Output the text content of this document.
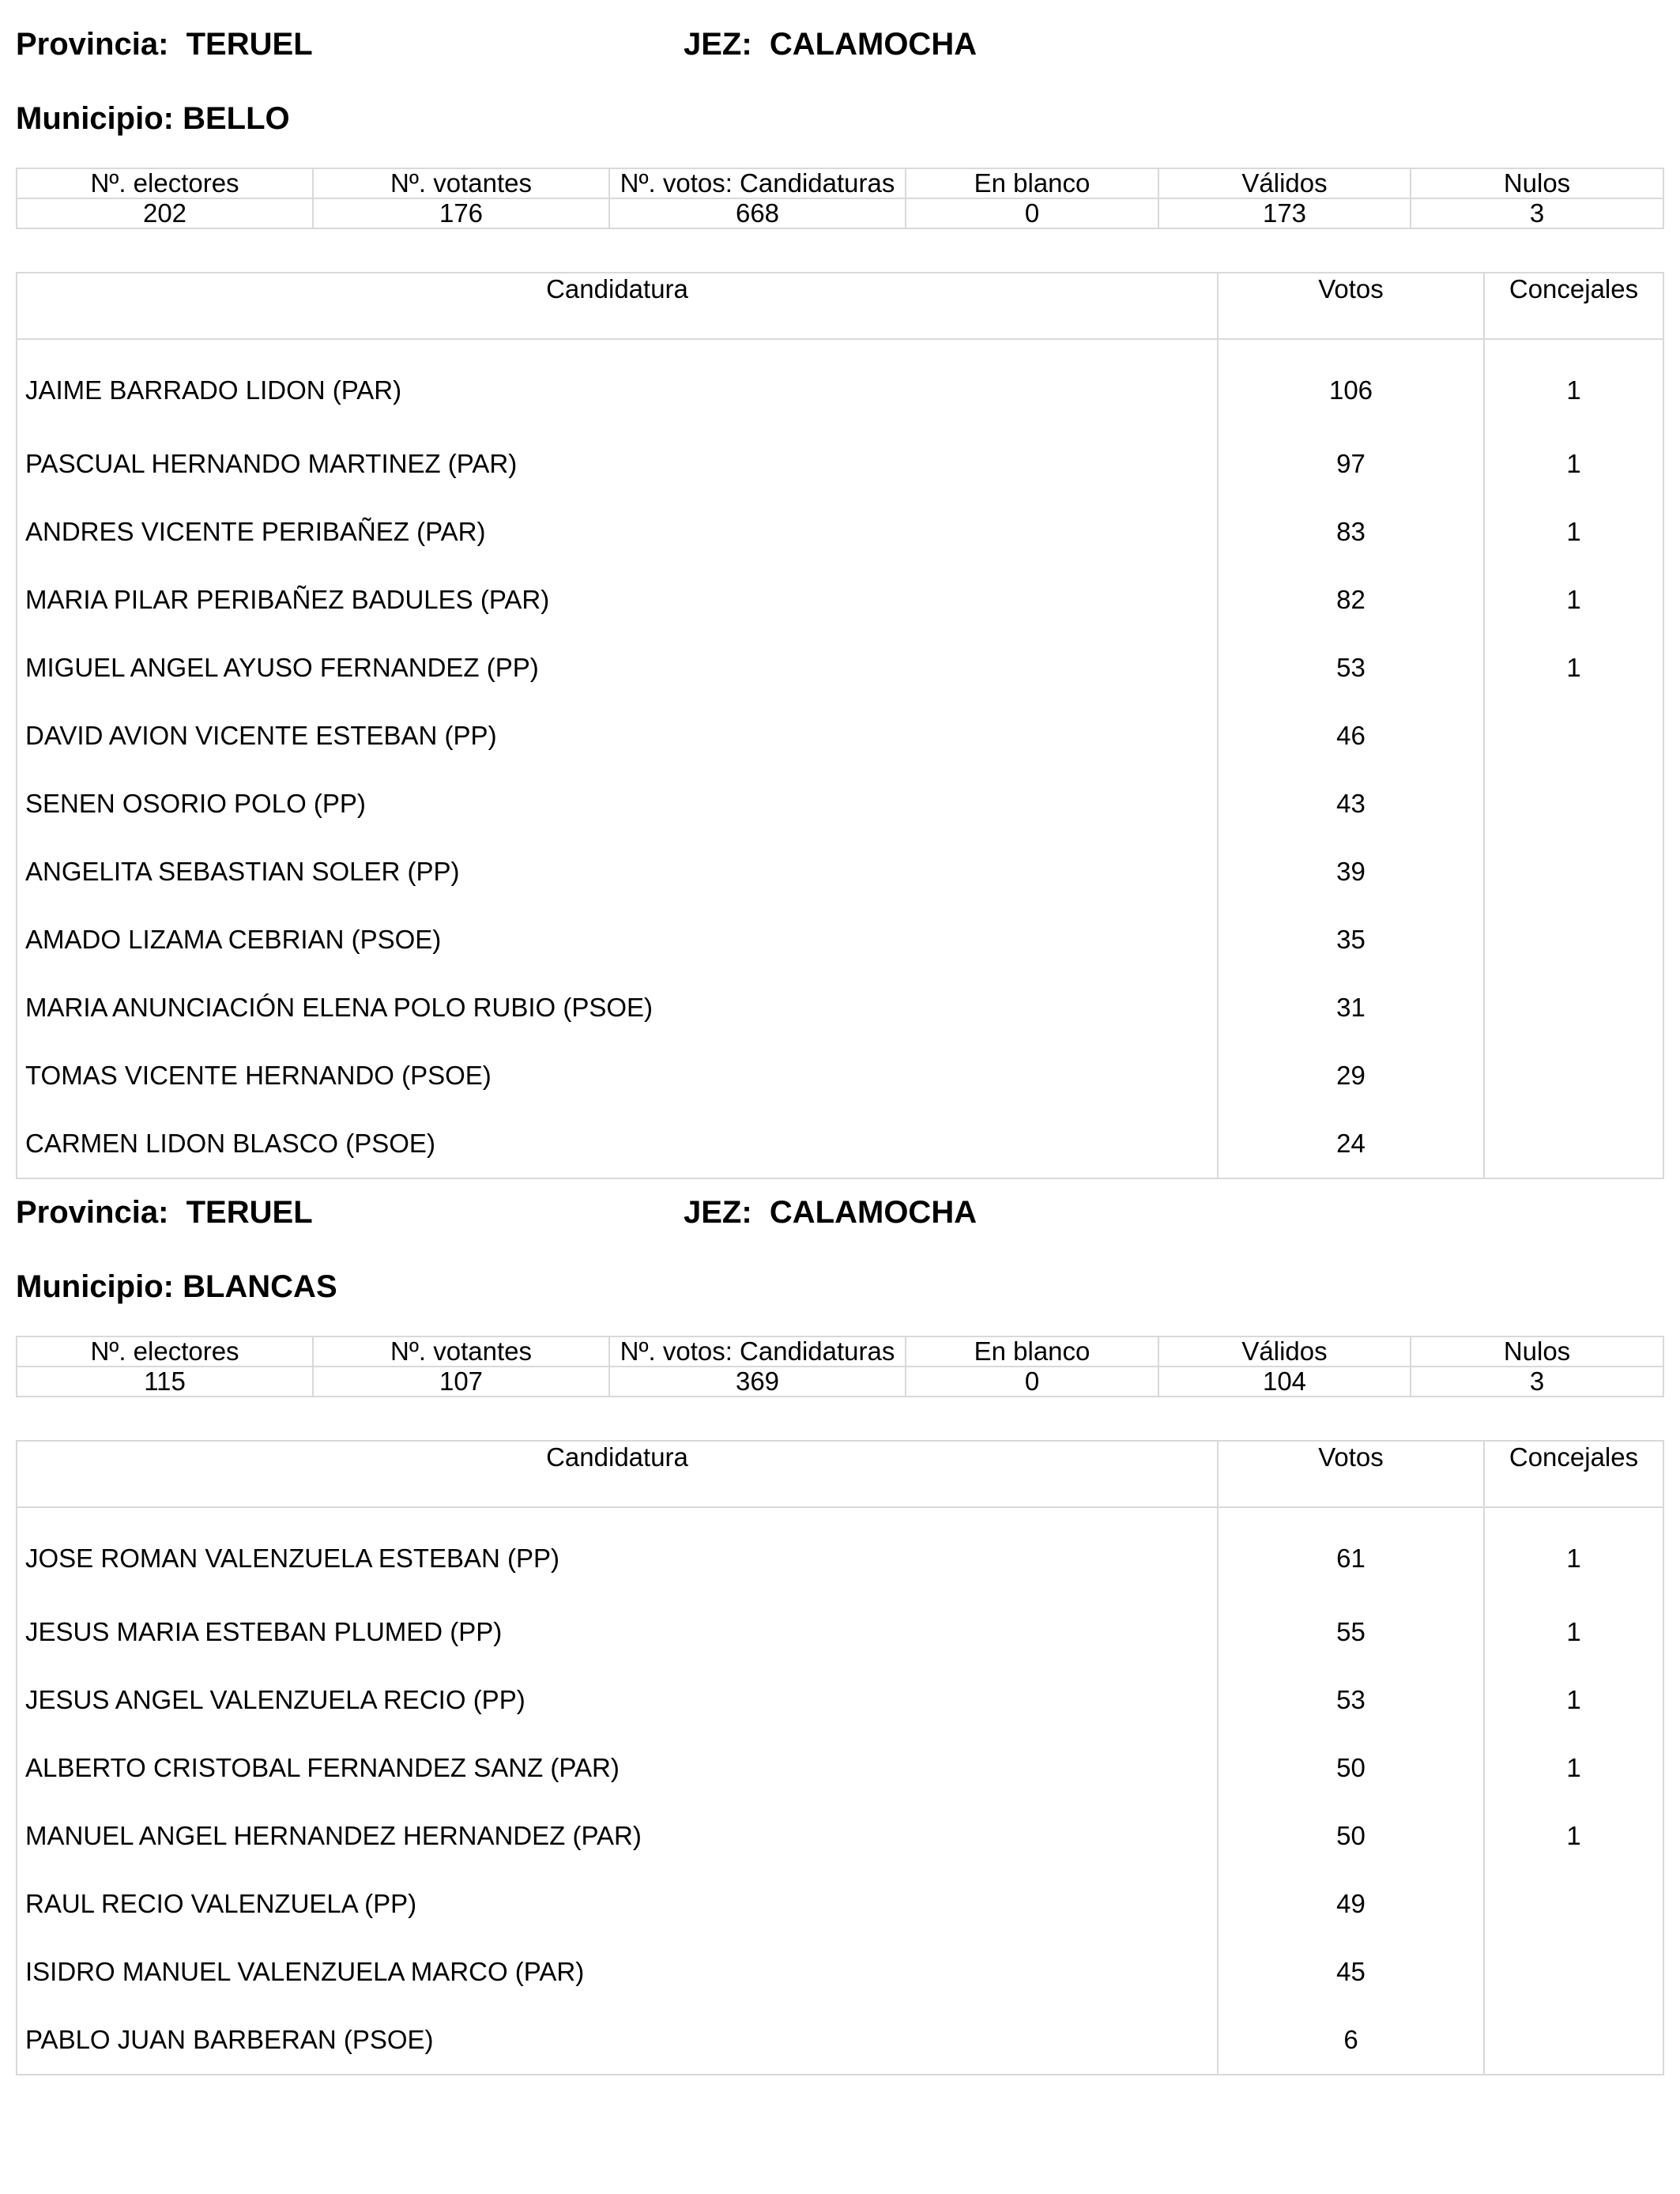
Provincia:  TERUEL	JEZ:  CALAMOCHA
Municipio: BELLO
Nº. electores	Nº. votantes	Nº. votos: Candidaturas	En blanco	Válidos	Nulos
202	176	668	0	173	3
Candidatura	Votos	Concejales
JAIME BARRADO LIDON (PAR)	106	1
PASCUAL HERNANDO MARTINEZ (PAR)	97	1
ANDRES VICENTE PERIBAÑEZ (PAR)	83	1
MARIA PILAR PERIBAÑEZ BADULES (PAR)	82	1
MIGUEL ANGEL AYUSO FERNANDEZ (PP)	53	1
DAVID AVION VICENTE ESTEBAN (PP)	46	
SENEN OSORIO POLO (PP)	43	
ANGELITA SEBASTIAN SOLER (PP)	39	
AMADO LIZAMA CEBRIAN (PSOE)	35	
MARIA ANUNCIACIÓN ELENA POLO RUBIO (PSOE)	31	
TOMAS VICENTE HERNANDO (PSOE)	29	
CARMEN LIDON BLASCO (PSOE)	24	
Provincia:  TERUEL	JEZ:  CALAMOCHA
Municipio: BLANCAS
Nº. electores	Nº. votantes	Nº. votos: Candidaturas	En blanco	Válidos	Nulos
115	107	369	0	104	3
Candidatura	Votos	Concejales
JOSE ROMAN VALENZUELA ESTEBAN (PP)	61	1
JESUS MARIA ESTEBAN PLUMED (PP)	55	1
JESUS ANGEL VALENZUELA RECIO (PP)	53	1
ALBERTO CRISTOBAL FERNANDEZ SANZ (PAR)	50	1
MANUEL ANGEL HERNANDEZ HERNANDEZ (PAR)	50	1
RAUL RECIO VALENZUELA (PP)	49	
ISIDRO MANUEL VALENZUELA MARCO (PAR)	45	
PABLO JUAN BARBERAN (PSOE)	6	
